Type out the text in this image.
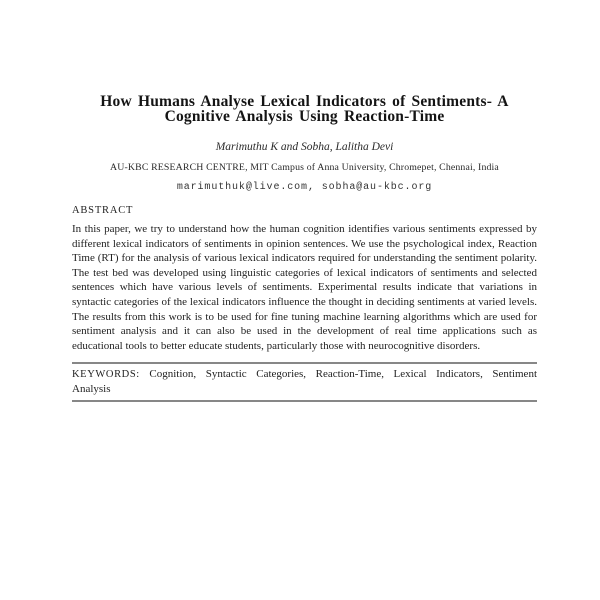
How Humans Analyse Lexical Indicators of Sentiments- A
Cognitive Analysis Using Reaction-Time
Marimuthu K and Sobha, Lalitha Devi
AU-KBC RESEARCH CENTRE, MIT Campus of Anna University, Chromepet, Chennai, India
marimuthuk@live.com, sobha@au-kbc.org
ABSTRACT

In this paper, we try to understand how the human cognition identifies various sentiments expressed by different lexical indicators of sentiments in opinion sentences. We use the psychological index, Reaction Time (RT) for the analysis of various lexical indicators required for understanding the sentiment polarity. The test bed was developed using linguistic categories of lexical indicators of sentiments and selected sentences which have various levels of sentiments. Experimental results indicate that variations in syntactic categories of the lexical indicators influence the thought in deciding sentiments at varied levels. The results from this work is to be used for fine tuning machine learning algorithms which are used for sentiment analysis and it can also be used in the development of real time applications such as educational tools to better educate students, particularly those with neurocognitive disorders.

KEYWORDS: Cognition, Syntactic Categories, Reaction-Time, Lexical Indicators, Sentiment Analysis
